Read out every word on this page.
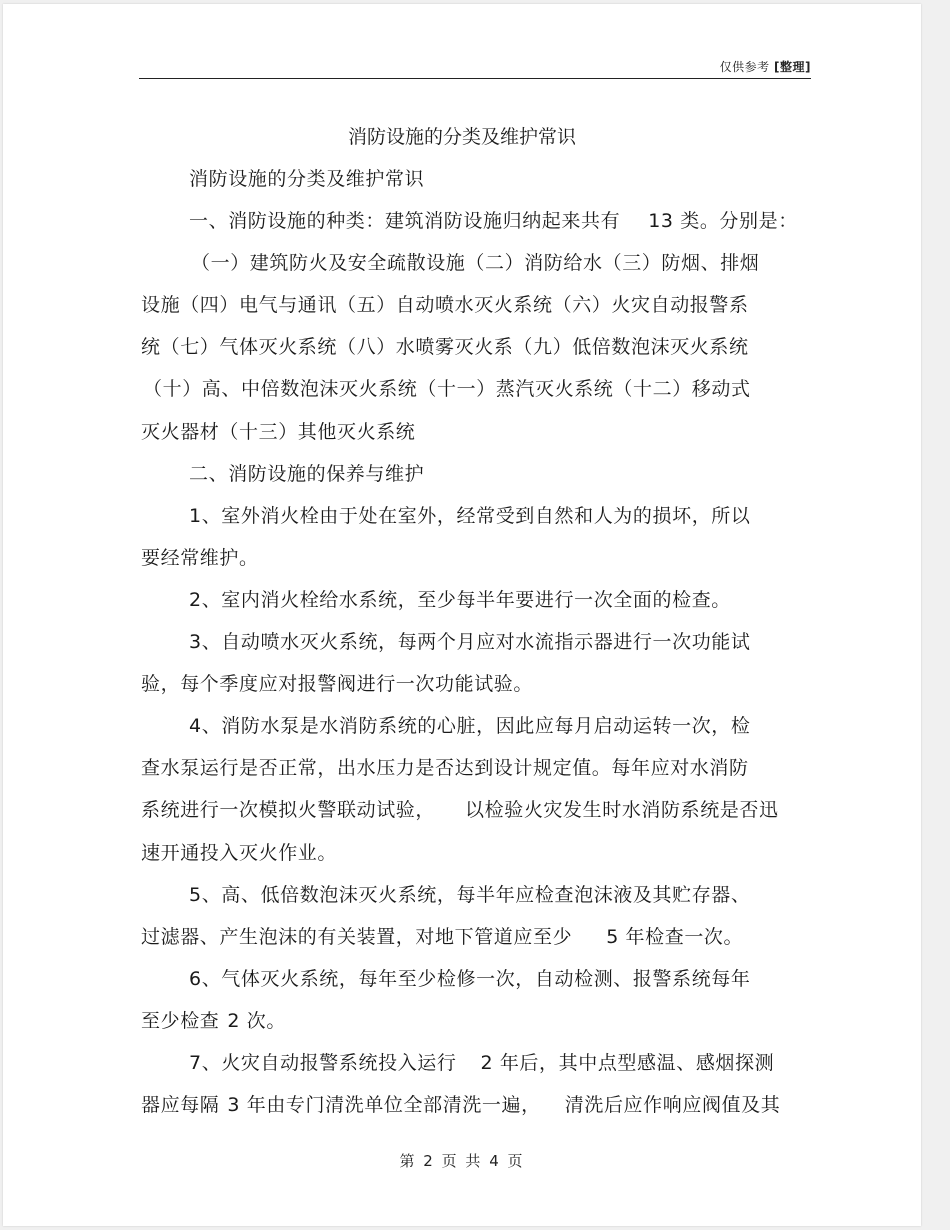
仅供参考 [整理]
消防设施的分类及维护常识
消防设施的分类及维护常识
一、消防设施的种类：建筑消防设施归纳起来共有 13 类。分别是：
（一）建筑防火及安全疏散设施（二）消防给水（三）防烟、排烟
设施（四）电气与通讯（五）自动喷水灭火系统（六）火灾自动报警系
统（七）气体灭火系统（八）水喷雾灭火系（九）低倍数泡沫灭火系统
（十）高、中倍数泡沫灭火系统（十一）蒸汽灭火系统（十二）移动式
灭火器材（十三）其他灭火系统
二、消防设施的保养与维护
1、室外消火栓由于处在室外，经常受到自然和人为的损坏，所以
要经常维护。
2、室内消火栓给水系统，至少每半年要进行一次全面的检查。
3、自动喷水灭火系统，每两个月应对水流指示器进行一次功能试
验，每个季度应对报警阀进行一次功能试验。
4、消防水泵是水消防系统的心脏，因此应每月启动运转一次，检
查水泵运行是否正常，出水压力是否达到设计规定值。每年应对水消防
系统进行一次模拟火警联动试验， 以检验火灾发生时水消防系统是否迅
速开通投入灭火作业。
5、高、低倍数泡沫灭火系统，每半年应检查泡沫液及其贮存器、
过滤器、产生泡沫的有关装置，对地下管道应至少 5 年检查一次。
6、气体灭火系统，每年至少检修一次，自动检测、报警系统每年
至少检查 2 次。
7、火灾自动报警系统投入运行 2 年后，其中点型感温、感烟探测
器应每隔 3 年由专门清洗单位全部清洗一遍， 清洗后应作响应阀值及其
第 2 页 共 4 页
